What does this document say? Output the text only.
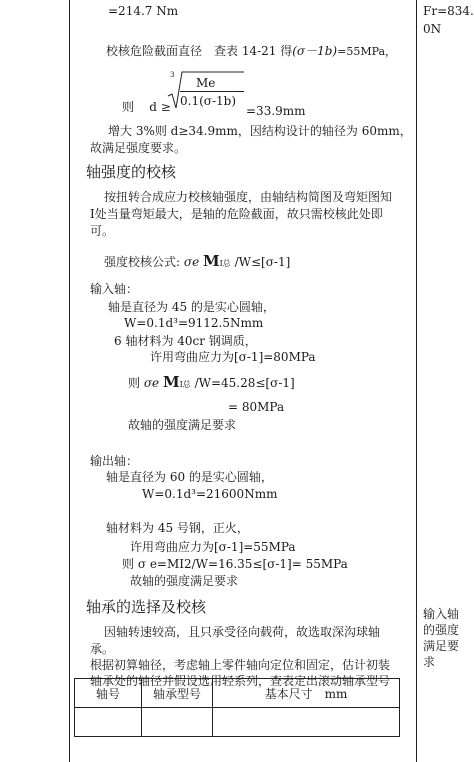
=214.7 Nm	Fr=834.
0N
校核危险截面直径　查表 14-21 得(σ－1b)=55MPa，
则 d ≥
3
Me
0.1(σ-1b)
=33.9mm
增大 3%则 d≥34.9mm，因结构设计的轴径为 60mm，
故满足强度要求。
轴强度的校核
按扭转合成应力校核轴强度，由轴结构简图及弯矩图知
Ⅰ处当量弯矩最大，是轴的危险截面，故只需校核此处即
可。
强度校核公式: σe MⅠ总 /W≤[σ-1]
输入轴：
轴是直径为 45 的是实心圆轴，
W=0.1d³=9112.5Nmm
6 轴材料为 40cr 钢调质，
许用弯曲应力为[σ-1]=80MPa
则 σe MⅠ总 /W=45.28≤[σ-1]
= 80MPa
故轴的强度满足要求
输出轴：
轴是直径为 60 的是实心圆轴，
W=0.1d³=21600Nmm
轴材料为 45 号钢，正火，
许用弯曲应力为[σ-1]=55MPa
则 σ e=MI2/W=16.35≤[σ-1]= 55MPa
故轴的强度满足要求
轴承的选择及校核
因轴转速较高，且只承受径向载荷，故选取深沟球轴
承。
根据初算轴径，考虑轴上零件轴向定位和固定，估计初装
轴承处的轴径并假设选用轻系列，查表定出滚动轴承型号
输入轴
的强度
满足要
求
轴号	轴承型号	基本尺寸　mm
